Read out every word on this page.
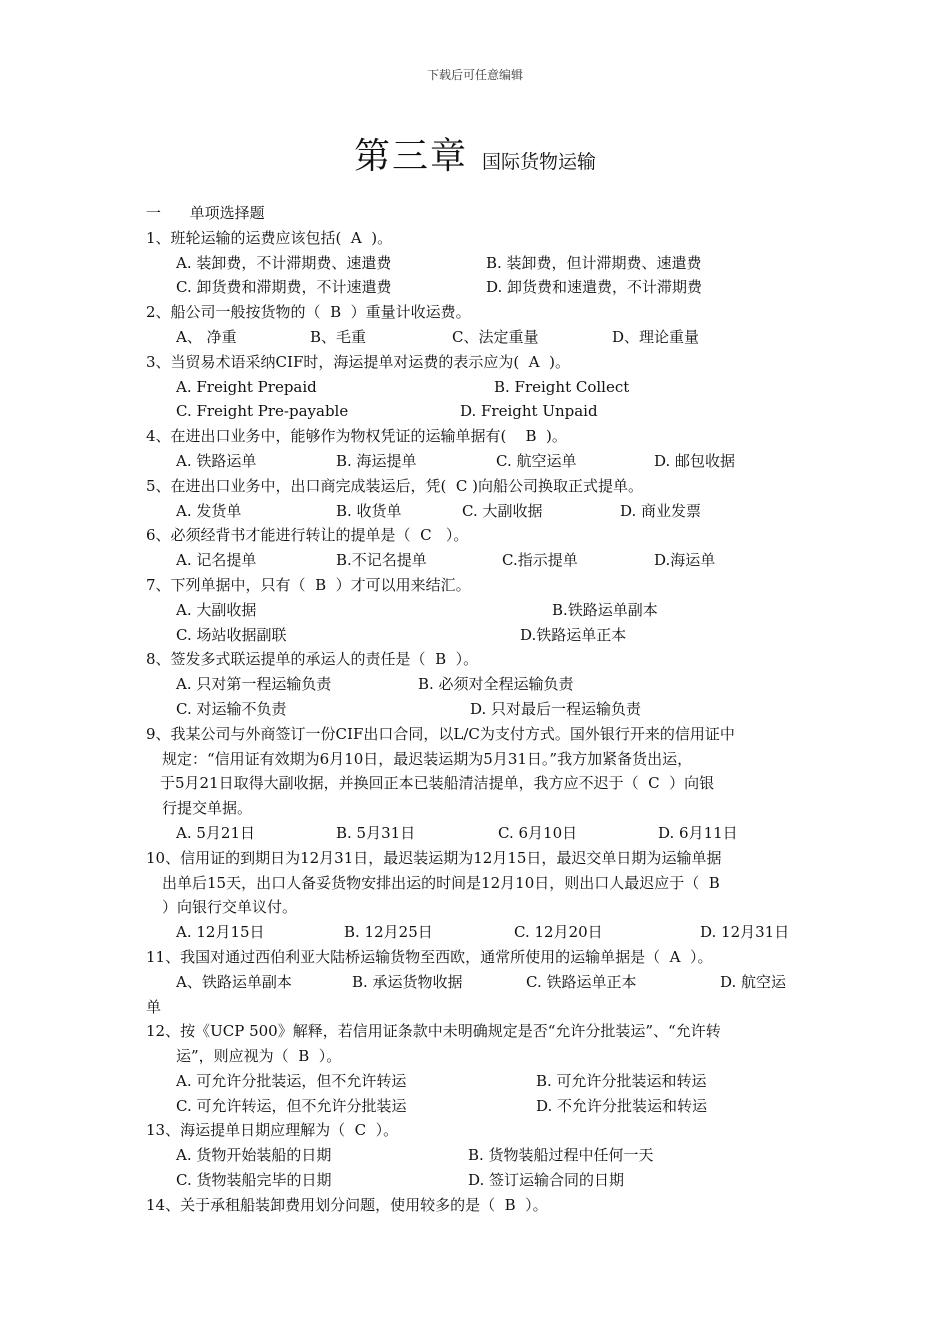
下载后可任意编辑
第三章 国际货物运输
一      单项选择题
1、班轮运输的运费应该包括(  A  )。
A. 装卸费，不计滞期费、速遣费	B. 装卸费，但计滞期费、速遣费
C. 卸货费和滞期费，不计速遣费	D. 卸货费和速遣费，不计滞期费
2、船公司一般按货物的（  B  ）重量计收运费。
A、 净重	B、毛重	C、法定重量	D、理论重量
3、当贸易术语采纳CIF时，海运提单对运费的表示应为(  A  )。
A. Freight Prepaid	B. Freight Collect
C. Freight Pre-payable	D. Freight Unpaid
4、在进出口业务中，能够作为物权凭证的运输单据有(    B  )。
A. 铁路运单	B. 海运提单	C. 航空运单	D. 邮包收据
5、在进出口业务中，出口商完成装运后，凭(  C )向船公司换取正式提单。
A. 发货单	B. 收货单	C. 大副收据	D. 商业发票
6、必须经背书才能进行转让的提单是（  C   ）。
A. 记名提单	B.不记名提单	C.指示提单	D.海运单
7、下列单据中，只有（  B  ）才可以用来结汇。
A. 大副收据	B.铁路运单副本
C. 场站收据副联	D.铁路运单正本
8、签发多式联运提单的承运人的责任是（  B  ）。
A. 只对第一程运输负责	B. 必须对全程运输负责
C. 对运输不负责	D. 只对最后一程运输负责
9、我某公司与外商签订一份CIF出口合同，以L/C为支付方式。国外银行开来的信用证中
规定：“信用证有效期为6月10日，最迟装运期为5月31日。”我方加紧备货出运，
于5月21日取得大副收据，并换回正本已装船清洁提单，我方应不迟于（  C  ）向银
行提交单据。
A. 5月21日	B. 5月31日	C. 6月10日	D. 6月11日
10、信用证的到期日为12月31日，最迟装运期为12月15日，最迟交单日期为运输单据
出单后15天，出口人备妥货物安排出运的时间是12月10日，则出口人最迟应于（  B
）向银行交单议付。
A. 12月15日	B. 12月25日	C. 12月20日	D. 12月31日
11、我国对通过西伯利亚大陆桥运输货物至西欧，通常所使用的运输单据是（  A  ）。
A、铁路运单副本	B. 承运货物收据	C. 铁路运单正本	D. 航空运
单
12、按《UCP 500》解释，若信用证条款中未明确规定是否“允许分批装运”、“允许转
运”，则应视为（  B  ）。
A. 可允许分批装运，但不允许转运	B. 可允许分批装运和转运
C. 可允许转运，但不允许分批装运	D. 不允许分批装运和转运
13、海运提单日期应理解为（  C  ）。
A. 货物开始装船的日期	B. 货物装船过程中任何一天
C. 货物装船完毕的日期	D. 签订运输合同的日期
14、关于承租船装卸费用划分问题，使用较多的是（  B  ）。
